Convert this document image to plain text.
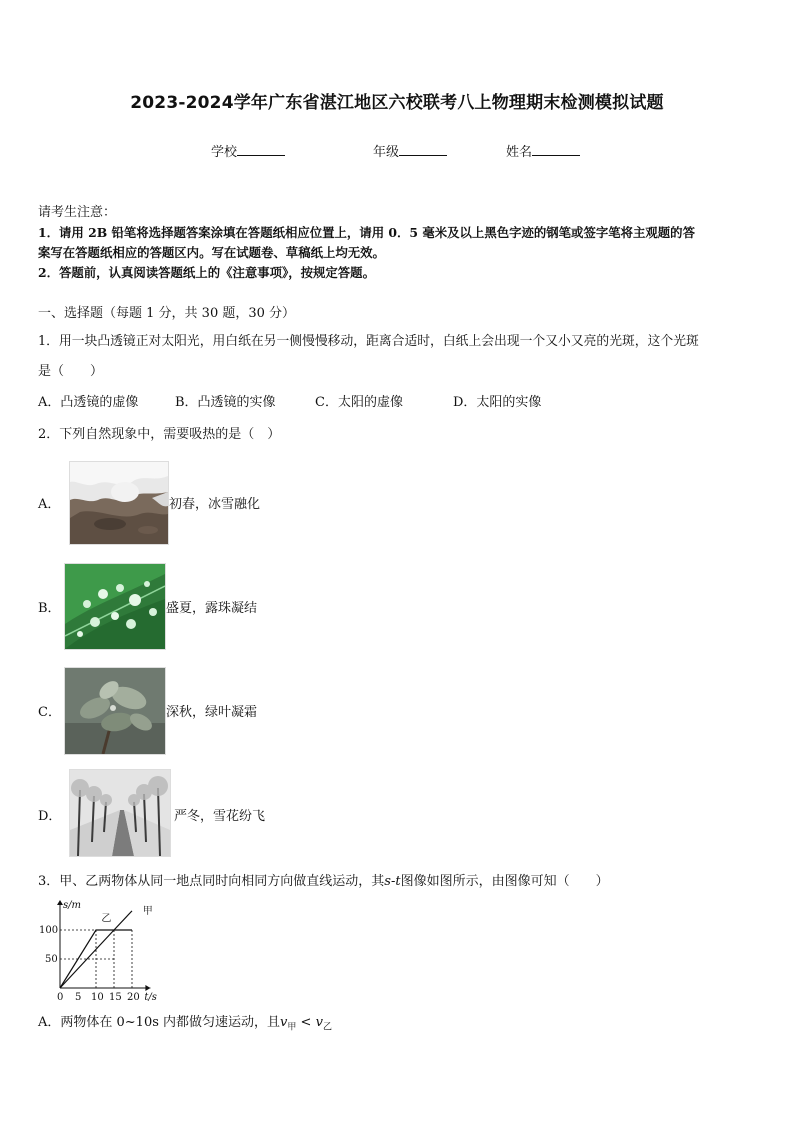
2023-2024学年广东省湛江地区六校联考八上物理期末检测模拟试题
学校	年级	姓名
请考生注意：
1．请用 2B 铅笔将选择题答案涂填在答题纸相应位置上，请用 0．5 毫米及以上黑色字迹的钢笔或签字笔将主观题的答
案写在答题纸相应的答题区内。写在试题卷、草稿纸上均无效。
2．答题前，认真阅读答题纸上的《注意事项》，按规定答题。
一、选择题（每题 1 分，共 30 题，30 分）
1．用一块凸透镜正对太阳光，用白纸在另一侧慢慢移动，距离合适时，白纸上会出现一个又小又亮的光斑，这个光斑
是（　　）
A．凸透镜的虚像	B．凸透镜的实像	C．太阳的虚像	D．太阳的实像
2．下列自然现象中，需要吸热的是（　）
A．	初春，冰雪融化
B．	盛夏，露珠凝结
C．	深秋，绿叶凝霜
D．	严冬，雪花纷飞
3．甲、乙两物体从同一地点同时向相同方向做直线运动，其s-t图像如图所示，由图像可知（　　）
s/m
t/s
0 5 10 15 20
50
100
乙
甲
A．两物体在 0~10s 内都做匀速运动，且$v_甲 < v_乙$
